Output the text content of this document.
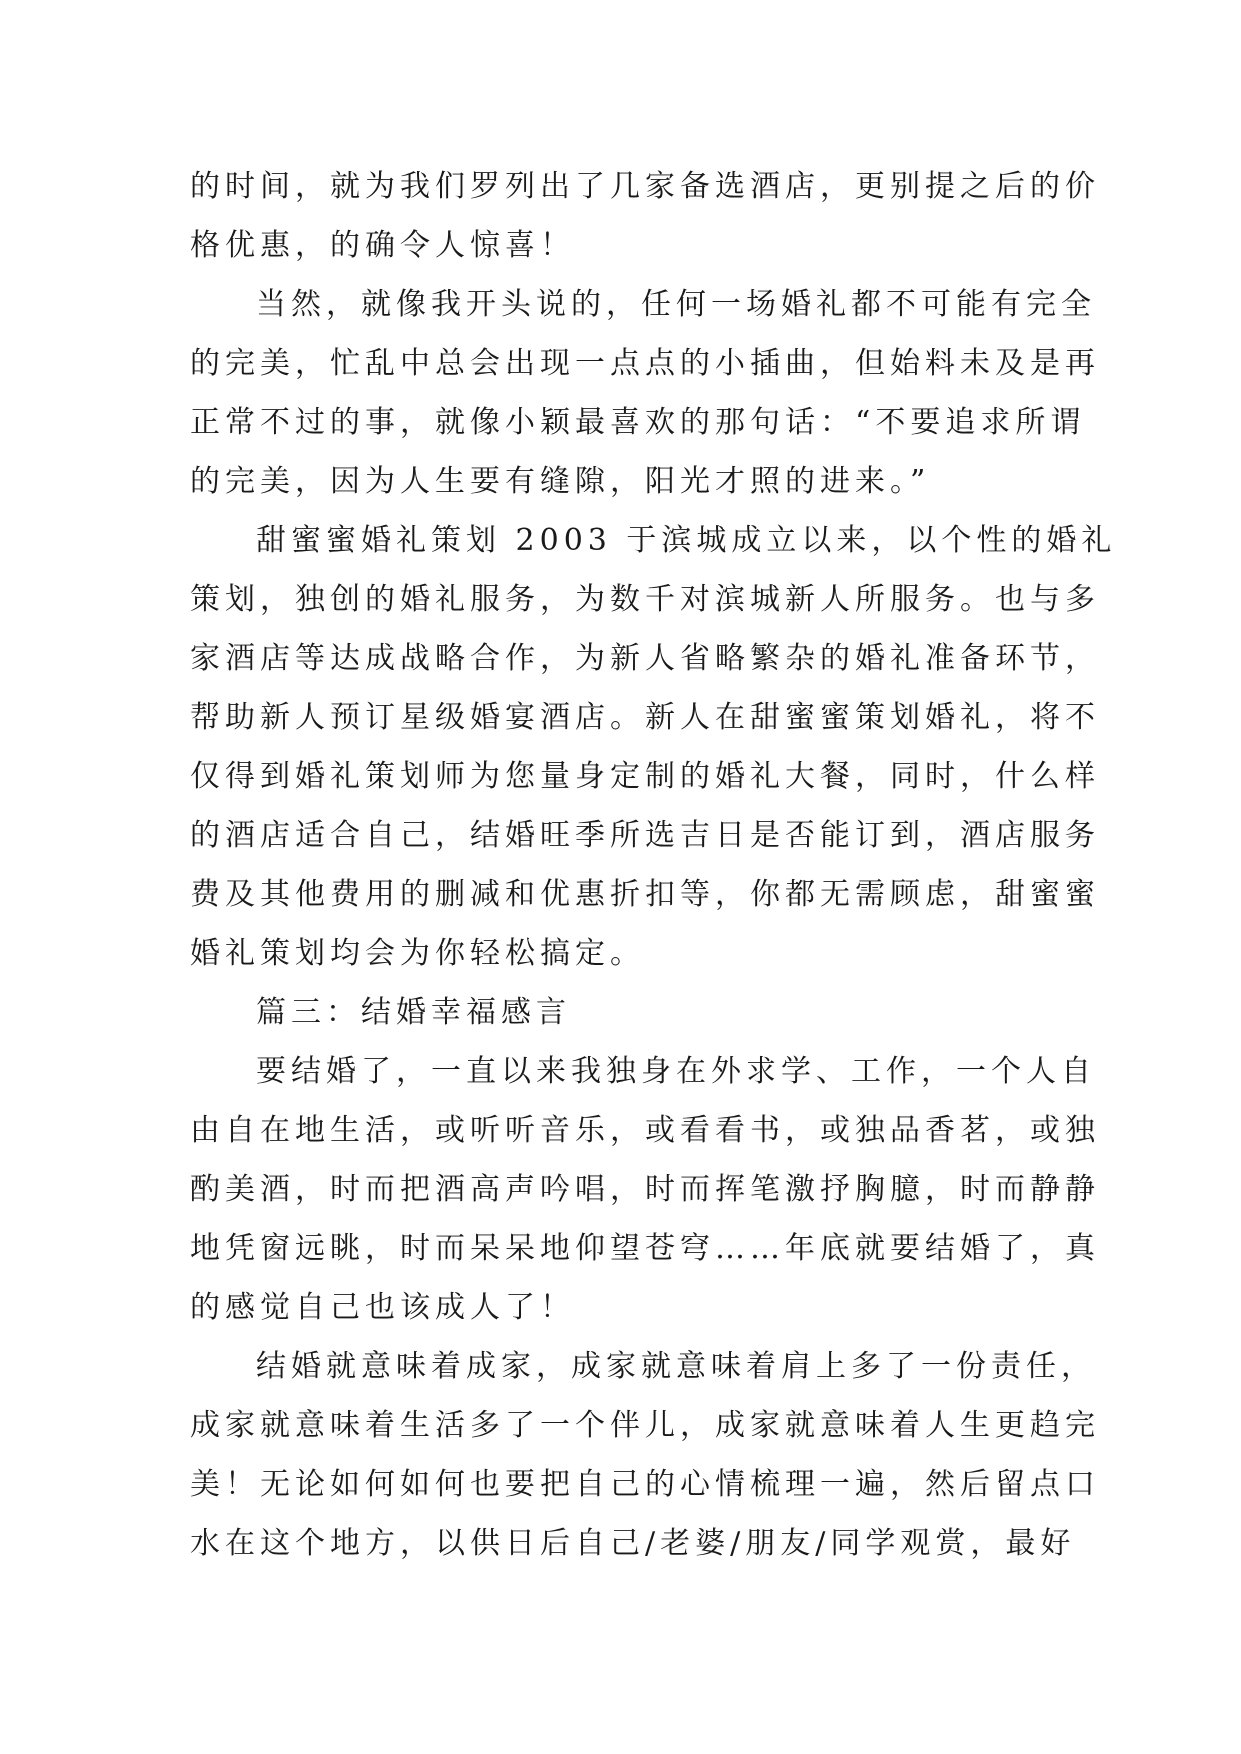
的时间，就为我们罗列出了几家备选酒店，更别提之后的价
格优惠，的确令人惊喜！
当然，就像我开头说的，任何一场婚礼都不可能有完全
的完美，忙乱中总会出现一点点的小插曲，但始料未及是再
正常不过的事，就像小颖最喜欢的那句话：“不要追求所谓
的完美，因为人生要有缝隙，阳光才照的进来。”
甜蜜蜜婚礼策划 2003 于滨城成立以来，以个性的婚礼
策划，独创的婚礼服务，为数千对滨城新人所服务。也与多
家酒店等达成战略合作，为新人省略繁杂的婚礼准备环节，
帮助新人预订星级婚宴酒店。新人在甜蜜蜜策划婚礼，将不
仅得到婚礼策划师为您量身定制的婚礼大餐，同时，什么样
的酒店适合自己，结婚旺季所选吉日是否能订到，酒店服务
费及其他费用的删减和优惠折扣等，你都无需顾虑，甜蜜蜜
婚礼策划均会为你轻松搞定。
篇三：结婚幸福感言
要结婚了，一直以来我独身在外求学、工作，一个人自
由自在地生活，或听听音乐，或看看书，或独品香茗，或独
酌美酒，时而把酒高声吟唱，时而挥笔激抒胸臆，时而静静
地凭窗远眺，时而呆呆地仰望苍穹……年底就要结婚了，真
的感觉自己也该成人了！
结婚就意味着成家，成家就意味着肩上多了一份责任，
成家就意味着生活多了一个伴儿，成家就意味着人生更趋完
美！无论如何如何也要把自己的心情梳理一遍，然后留点口
水在这个地方，以供日后自己/老婆/朋友/同学观赏，最好
